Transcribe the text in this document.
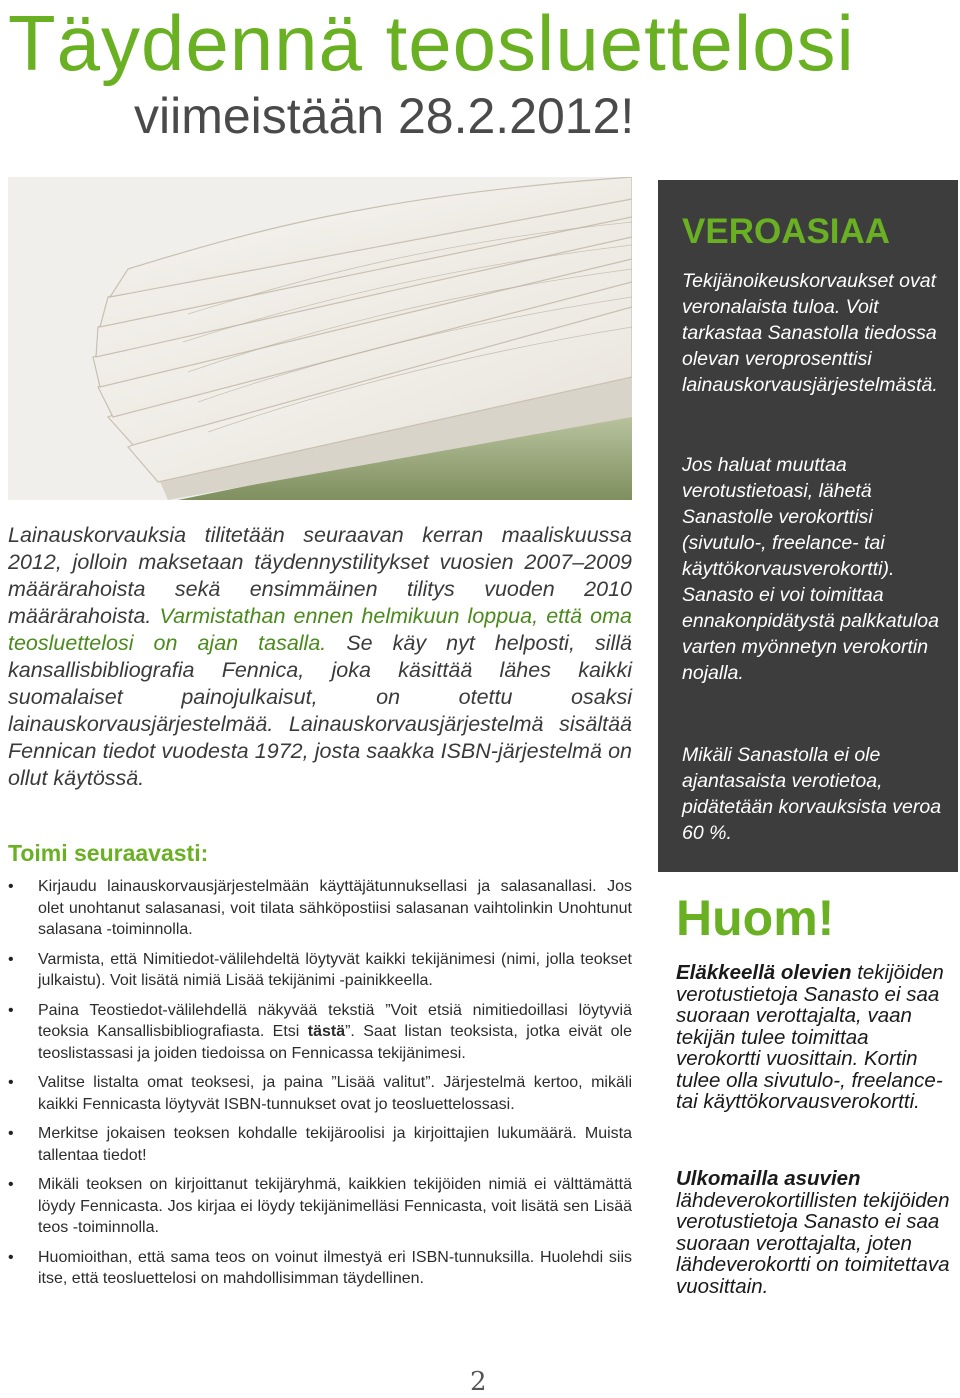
Täydennä teosluettelosi
viimeistään 28.2.2012!

Lainauskorvauksia tilitetään seuraavan kerran maaliskuussa 2012, jolloin maksetaan täydennystilitykset vuosien 2007–2009 määrärahoista sekä ensimmäinen tilitys vuoden 2010 määrärahoista. Varmistathan ennen helmikuun loppua, että oma teosluettelosi on ajan tasalla. Se käy nyt helposti, sillä kansallisbibliografia Fennica, joka käsittää lähes kaikki suomalaiset painojulkaisut, on otettu osaksi lainauskorvausjärjestelmää. Lainauskorvausjärjestelmä sisältää Fennican tiedot vuodesta 1972, josta saakka ISBN-järjestelmä on ollut käytössä.

Toimi seuraavasti:
• Kirjaudu lainauskorvausjärjestelmään käyttäjätunnuksellasi ja salasanallasi. Jos olet unohtanut salasanasi, voit tilata sähköpostiisi salasanan vaihtolinkin Unohtunut salasana -toiminnolla.
• Varmista, että Nimitiedot-välilehdeltä löytyvät kaikki tekijänimesi (nimi, jolla teokset julkaistu). Voit lisätä nimiä Lisää tekijänimi -painikkeella.
• Paina Teostiedot-välilehdellä näkyvää tekstiä ”Voit etsiä nimitiedoillasi löytyviä teoksia Kansallisbibliografiasta. Etsi tästä”. Saat listan teoksista, jotka eivät ole teoslistassasi ja joiden tiedoissa on Fennicassa tekijänimesi.
• Valitse listalta omat teoksesi, ja paina ”Lisää valitut”. Järjestelmä kertoo, mikäli kaikki Fennicasta löytyvät ISBN-tunnukset ovat jo teosluettelossasi.
• Merkitse jokaisen teoksen kohdalle tekijäroolisi ja kirjoittajien lukumäärä. Muista tallentaa tiedot!
• Mikäli teoksen on kirjoittanut tekijäryhmä, kaikkien tekijöiden nimiä ei välttämättä löydy Fennicasta. Jos kirjaa ei löydy tekijänimelläsi Fennicasta, voit lisätä sen Lisää teos -toiminnolla.
• Huomioithan, että sama teos on voinut ilmestyä eri ISBN-tunnuksilla. Huolehdi siis itse, että teosluettelosi on mahdollisimman täydellinen.
2
VEROASIAA

Tekijänoikeuskorvaukset ovat veronalaista tuloa. Voit tarkastaa Sanastolla tiedossa olevan veroprosenttisi lainauskorvausjärjestelmästä.

Jos haluat muuttaa verotustietoasi, lähetä Sanastolle verokorttisi (sivutulo-, freelance- tai käyttökorvausverokortti). Sanasto ei voi toimittaa ennakonpidätystä palkkatuloa varten myönnetyn verokortin nojalla.

Mikäli Sanastolla ei ole ajantasaista verotietoa, pidätetään korvauksista veroa 60 %.

Huom!

Eläkkeellä olevien tekijöiden verotustietoja Sanasto ei saa suoraan verottajalta, vaan tekijän tulee toimittaa verokortti vuosittain. Kortin tulee olla sivutulo-, freelance- tai käyttökorvausverokortti.

Ulkomailla asuvien lähdeverokortillisten tekijöiden verotustietoja Sanasto ei saa suoraan verottajalta, joten lähdeverokortti on toimitettava vuosittain.
